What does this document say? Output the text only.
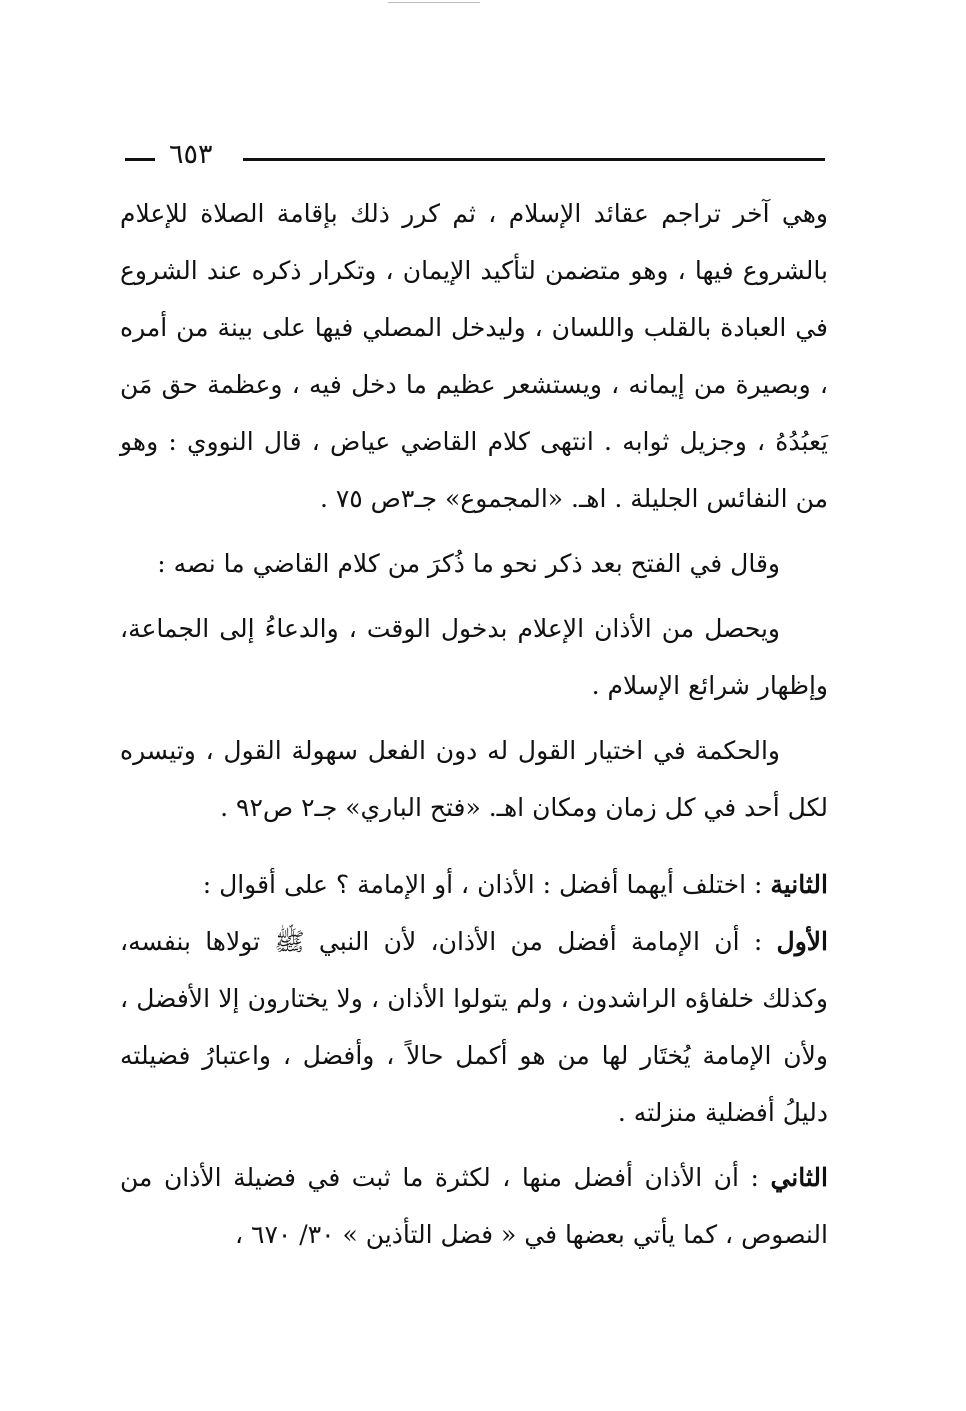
٦٥٣

وهي آخر تراجم عقائد الإسلام ، ثم كرر ذلك بإقامة الصلاة للإعلام بالشروع فيها ، وهو متضمن لتأكيد الإيمان ، وتكرار ذكره عند الشروع في العبادة بالقلب واللسان ، وليدخل المصلي فيها على بينة من أمره ، وبصيرة من إيمانه ، ويستشعر عظيم ما دخل فيه ، وعظمة حق مَن يَعبُدُهُ ، وجزيل ثوابه . انتهى كلام القاضي عياض ، قال النووي : وهو من النفائس الجليلة . اهـ. «المجموع» جـ٣ص ٧٥ .

وقال في الفتح بعد ذكر نحو ما ذُكرَ من كلام القاضي ما نصه :

ويحصل من الأذان الإعلام بدخول الوقت ، والدعاءُ إلى الجماعة، وإظهار شرائع الإسلام .

والحكمة في اختيار القول له دون الفعل سهولة القول ، وتيسره لكل أحد في كل زمان ومكان اهـ. «فتح الباري» جـ٢ ص٩٢ .

الثانية : اختلف أيهما أفضل : الأذان ، أو الإمامة ؟ على أقوال :

الأول : أن الإمامة أفضل من الأذان، لأن النبي ﷺ تولاها بنفسه، وكذلك خلفاؤه الراشدون ، ولم يتولوا الأذان ، ولا يختارون إلا الأفضل ، ولأن الإمامة يُختَار لها من هو أكمل حالاً ، وأفضل ، واعتبارُ فضيلته دليلُ أفضلية منزلته .

الثاني : أن الأذان أفضل منها ، لكثرة ما ثبت في فضيلة الأذان من النصوص ، كما يأتي بعضها في « فضل التأذين » ٣٠/ ٦٧٠ ،
